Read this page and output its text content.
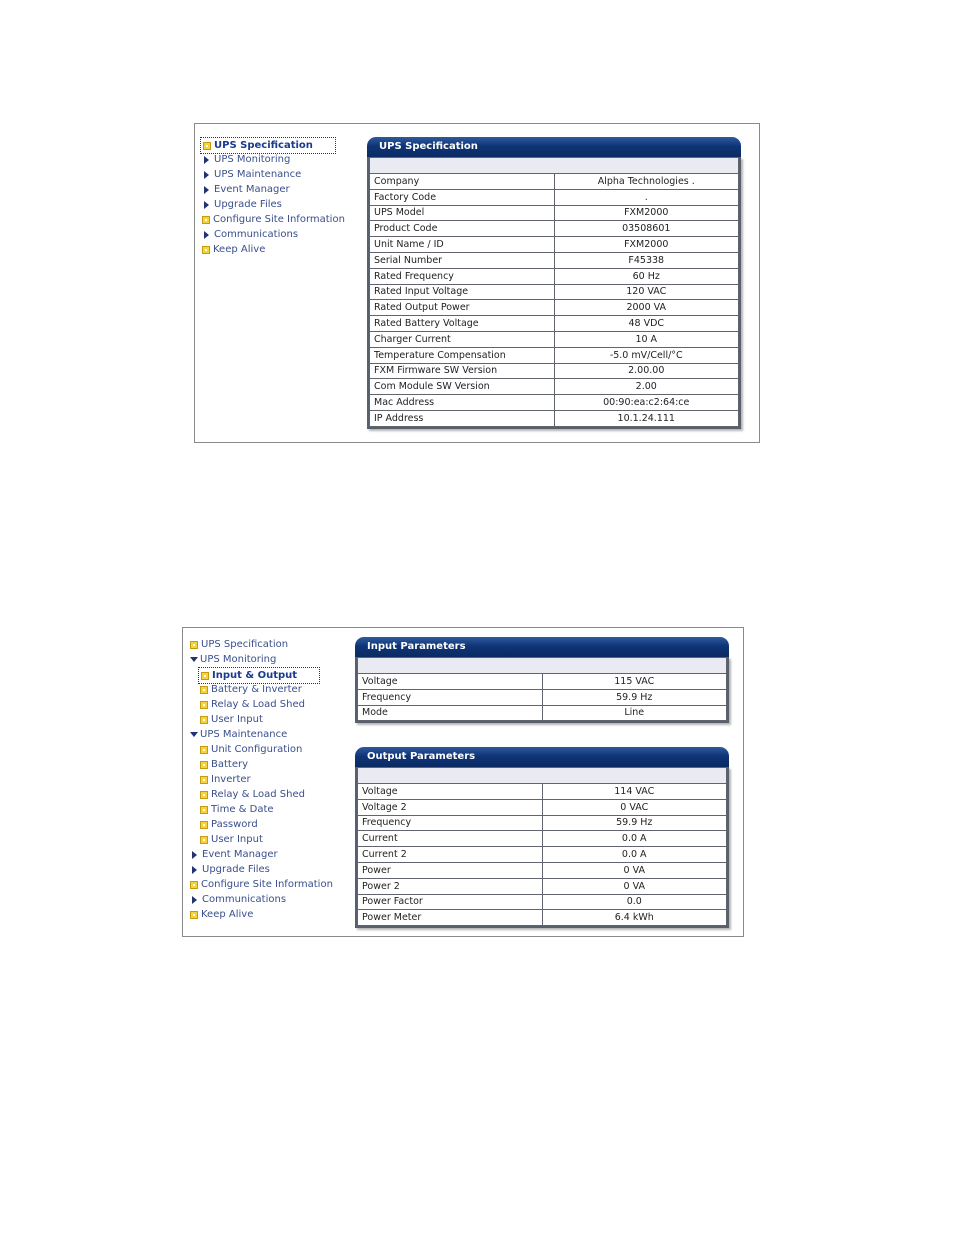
UPS Specification
UPS Monitoring
UPS Maintenance
Event Manager
Upgrade Files
Configure Site Information
Communications
Keep Alive
UPS Specification

Company	Alpha Technologies .
Factory Code	.
UPS Model	FXM2000
Product Code	03508601
Unit Name / ID	FXM2000
Serial Number	F45338
Rated Frequency	60 Hz
Rated Input Voltage	120 VAC
Rated Output Power	2000 VA
Rated Battery Voltage	48 VDC
Charger Current	10 A
Temperature Compensation	-5.0 mV/Cell/°C
FXM Firmware SW Version	2.00.00
Com Module SW Version	2.00
Mac Address	00:90:ea:c2:64:ce
IP Address	10.1.24.111
UPS Specification
UPS Monitoring
Input & Output
Battery & Inverter
Relay & Load Shed
User Input
UPS Maintenance
Unit Configuration
Battery
Inverter
Relay & Load Shed
Time & Date
Password
User Input
Event Manager
Upgrade Files
Configure Site Information
Communications
Keep Alive
Input Parameters

Voltage	115 VAC
Frequency	59.9 Hz
Mode	Line
Output Parameters

Voltage	114 VAC
Voltage 2	0 VAC
Frequency	59.9 Hz
Current	0.0 A
Current 2	0.0 A
Power	0 VA
Power 2	0 VA
Power Factor	0.0
Power Meter	6.4 kWh
